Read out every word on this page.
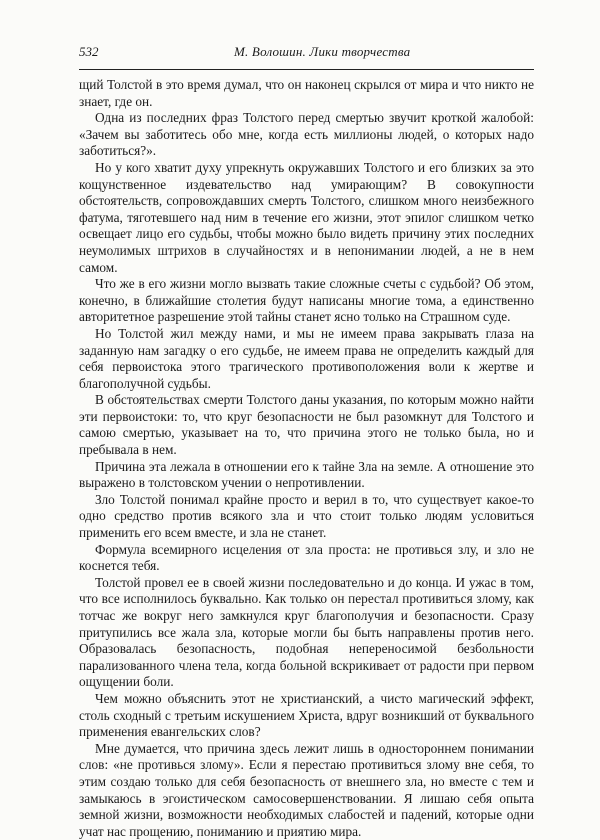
532	М. Волошин. Лики творчества

щий Толстой в это время думал, что он наконец скрылся от мира и что никто не знает, где он.

Одна из последних фраз Толстого перед смертью звучит кроткой жалобой: «Зачем вы заботитесь обо мне, когда есть миллионы людей, о которых надо заботиться?».

Но у кого хватит духу упрекнуть окружавших Толстого и его близких за это кощунственное издевательство над умирающим? В совокупности обстоятельств, сопровождавших смерть Толстого, слишком много неизбежного фатума, тяготевшего над ним в течение его жизни, этот эпилог слишком четко освещает лицо его судьбы, чтобы можно было видеть причину этих последних неумолимых штрихов в случайностях и в непонимании людей, а не в нем самом.

Что же в его жизни могло вызвать такие сложные счеты с судьбой? Об этом, конечно, в ближайшие столетия будут написаны многие тома, а единственно авторитетное разрешение этой тайны станет ясно только на Страшном суде.

Но Толстой жил между нами, и мы не имеем права закрывать глаза на заданную нам загадку о его судьбе, не имеем права не определить каждый для себя первоистока этого трагического противоположения воли к жертве и благополучной судьбы.

В обстоятельствах смерти Толстого даны указания, по которым можно найти эти первоистоки: то, что круг безопасности не был разомкнут для Толстого и самою смертью, указывает на то, что причина этого не только была, но и пребывала в нем.

Причина эта лежала в отношении его к тайне Зла на земле. А отношение это выражено в толстовском учении о непротивлении.

Зло Толстой понимал крайне просто и верил в то, что существует какое-то одно средство против всякого зла и что стоит только людям условиться применить его всем вместе, и зла не станет.

Формула всемирного исцеления от зла проста: не противься злу, и зло не коснется тебя.

Толстой провел ее в своей жизни последовательно и до конца. И ужас в том, что все исполнилось буквально. Как только он перестал противиться злому, как тотчас же вокруг него замкнулся круг благополучия и безопасности. Сразу притупились все жала зла, которые могли бы быть направлены против него. Образовалась безопасность, подобная непереносимой безбольности парализованного члена тела, когда больной вскрикивает от радости при первом ощущении боли.

Чем можно объяснить этот не христианский, а чисто магический эффект, столь сходный с третьим искушением Христа, вдруг возникший от буквального применения евангельских слов?

Мне думается, что причина здесь лежит лишь в одностороннем понимании слов: «не противься злому». Если я перестаю противиться злому вне себя, то этим создаю только для себя безопасность от внешнего зла, но вместе с тем и замыкаюсь в эгоистическом самосовершенствовании. Я лишаю себя опыта земной жизни, возможности необходимых слабостей и падений, которые одни учат нас прощению, пониманию и приятию мира.
